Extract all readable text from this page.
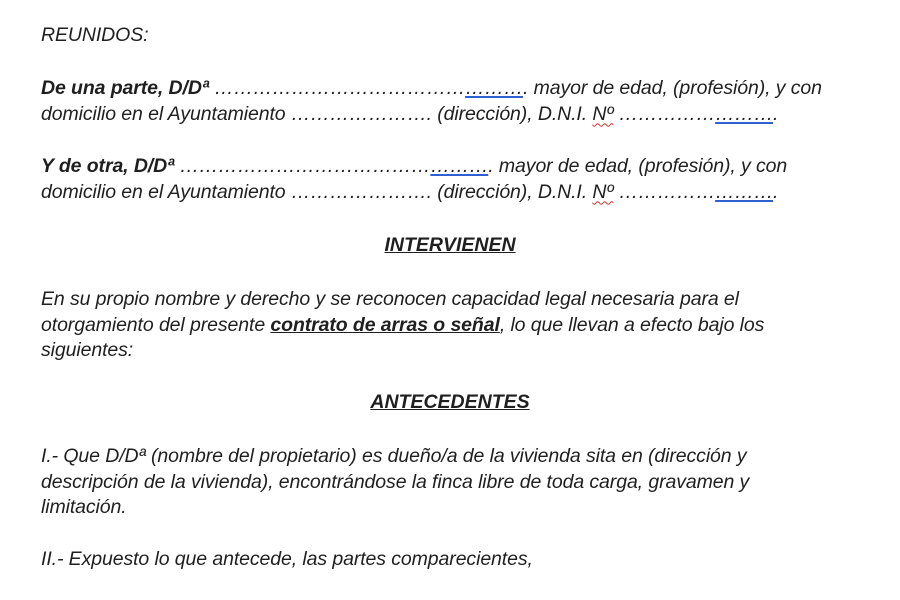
REUNIDOS:
De una parte, D/Dª …………………………………………. mayor de edad, (profesión), y con
domicilio en el Ayuntamiento …………………. (dirección), D.N.I. Nº …………………….
Y de otra, D/Dª …………………………………………. mayor de edad, (profesión), y con
domicilio en el Ayuntamiento …………………. (dirección), D.N.I. Nº …………………….
INTERVIENEN
En su propio nombre y derecho y se reconocen capacidad legal necesaria para el
otorgamiento del presente contrato de arras o señal, lo que llevan a efecto bajo los
siguientes:
ANTECEDENTES
I.- Que D/Dª (nombre del propietario) es dueño/a de la vivienda sita en (dirección y
descripción de la vivienda), encontrándose la finca libre de toda carga, gravamen y
limitación.
II.- Expuesto lo que antecede, las partes comparecientes,
